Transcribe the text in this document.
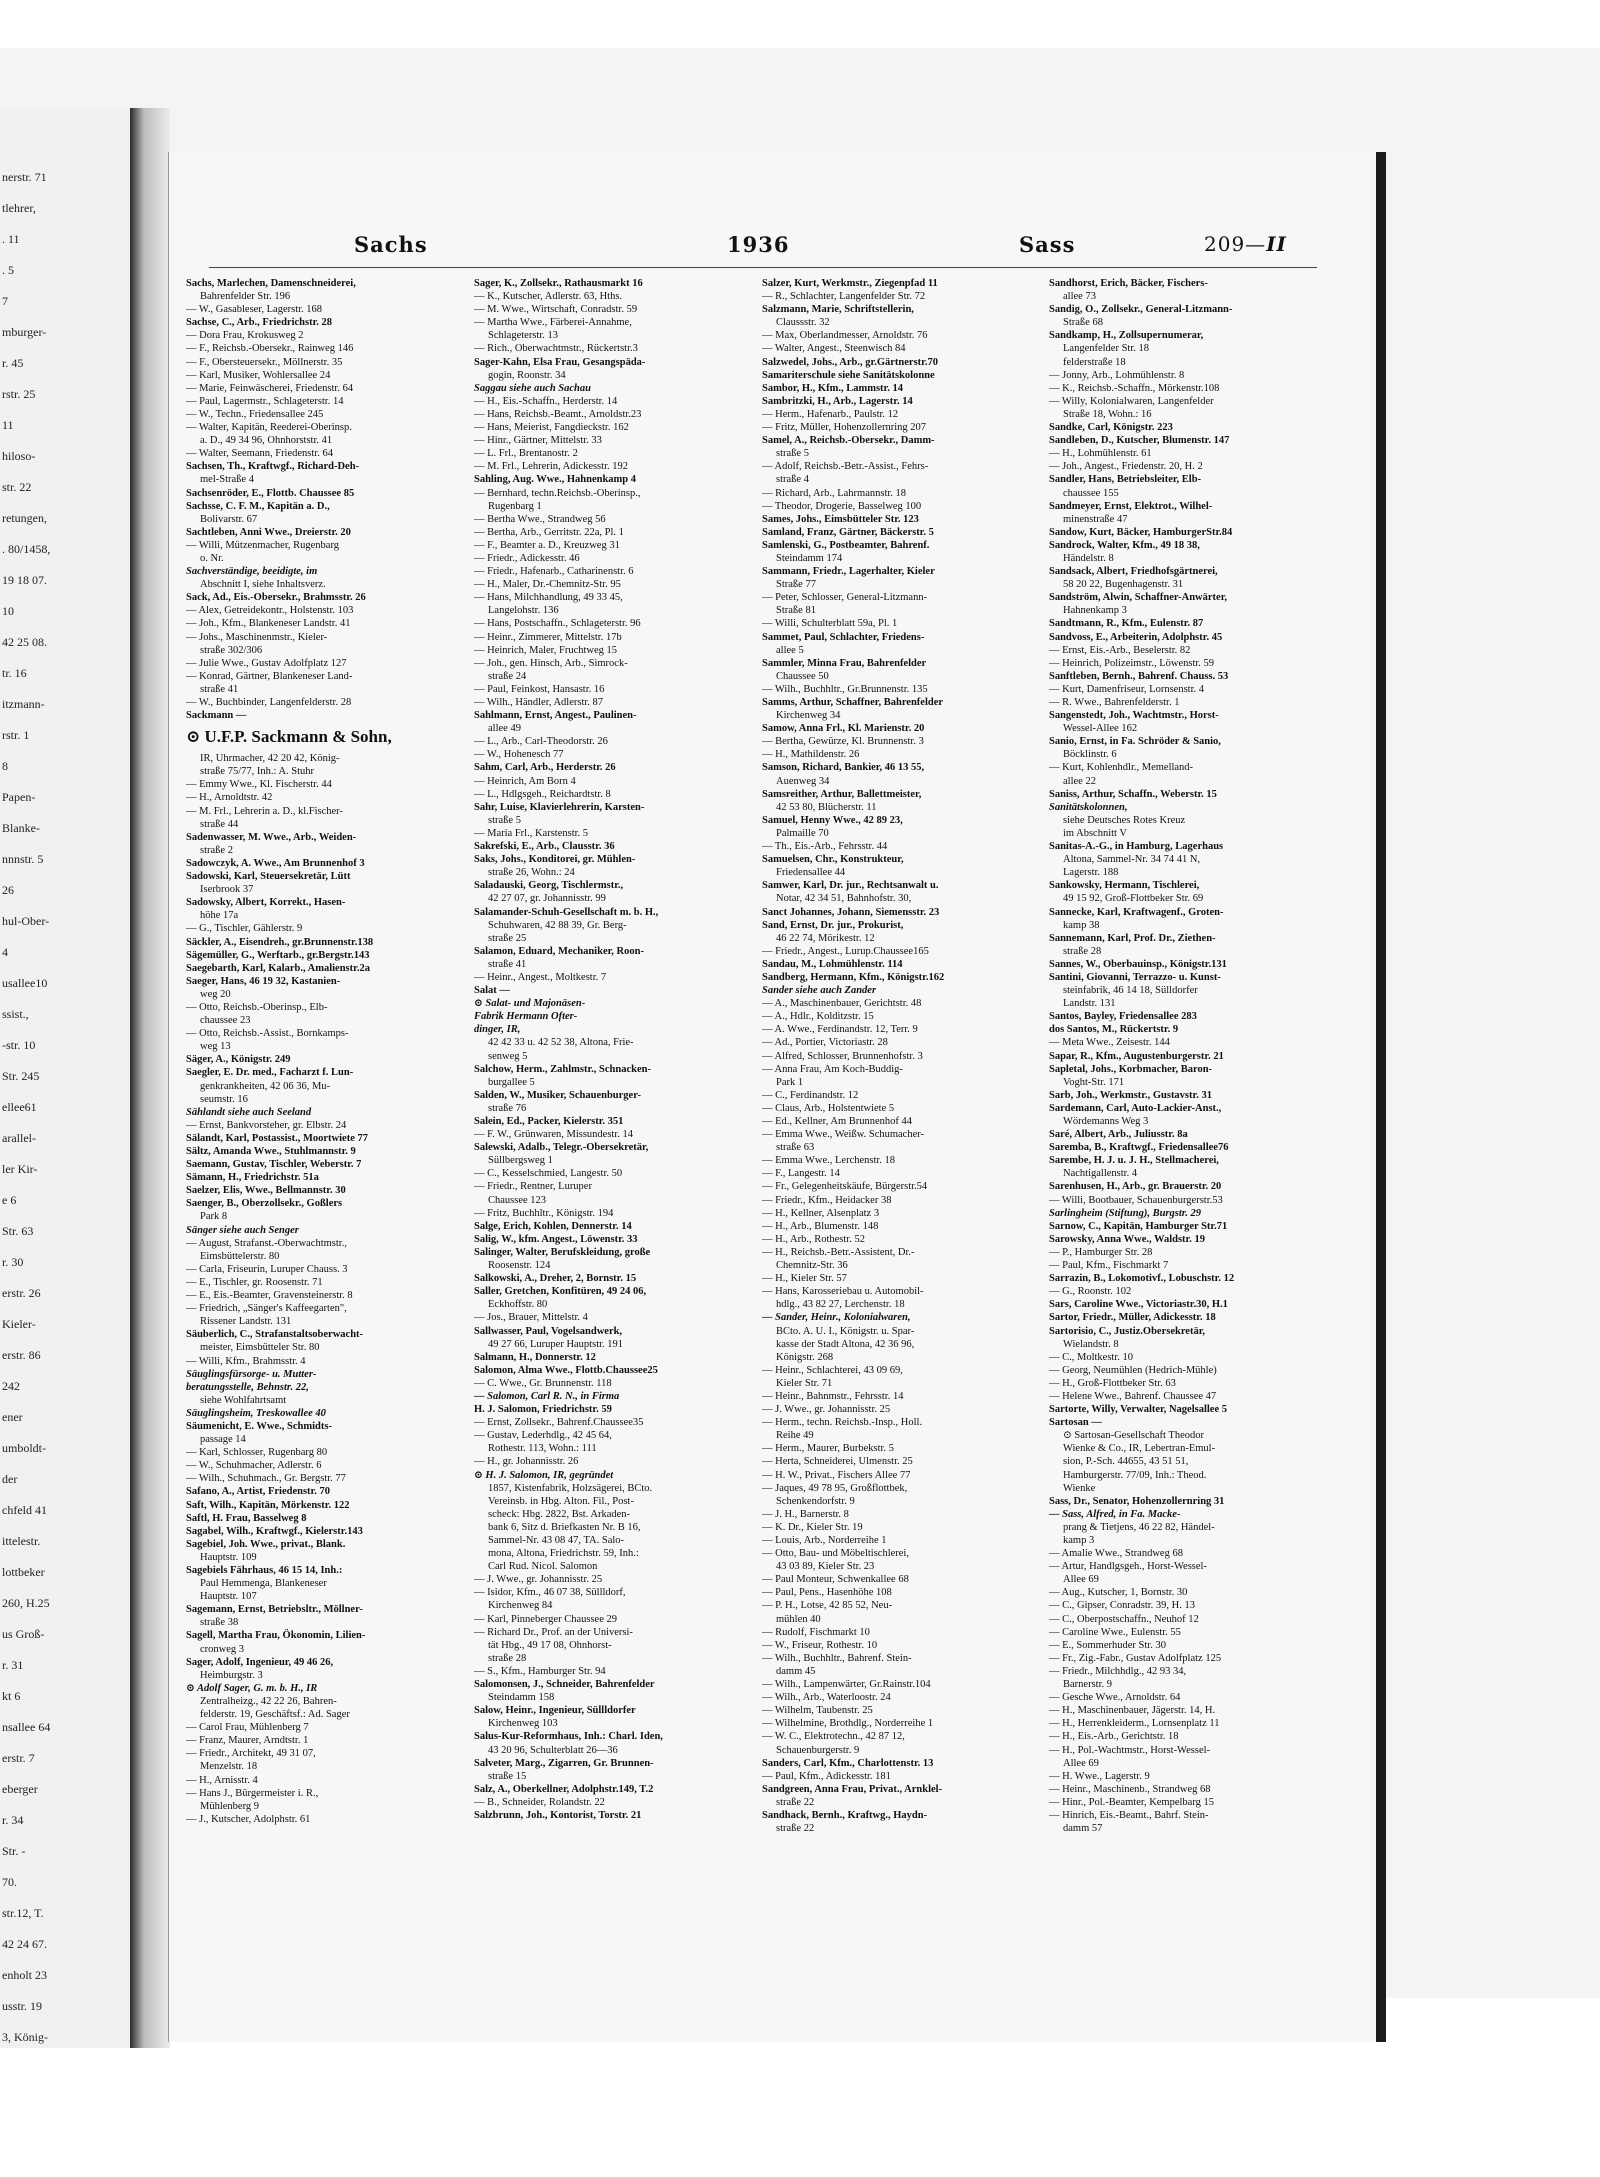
nerstr. 71
tlehrer,
. 11
. 5
7
mburger-
r. 45
rstr. 25
11
hiloso-
str. 22
retungen,
. 80/1458,
19 18 07.
10
42 25 08.
tr. 16
itzmann-
rstr. 1
8
Papen-
Blanke-
nnnstr. 5
26
hul-Ober-
4
usallee10
ssist.,
-str. 10
Str. 245
ellee61
arallel-
ler Kir-
e 6
Str. 63
r. 30
erstr. 26
Kieler-
erstr. 86
242
ener
umboldt-
der
chfeld 41
ittelestr.
lottbeker
260, H.25
us Groß-
r. 31
kt 6
nsallee 64
erstr. 7
eberger
r. 34
Str. -
70.
str.12, T.
42 24 67.
enholt 23
usstr. 19
3, König-
Sachs	1936	Sass	209—II
Sachs, Marlechen, Damenschneiderei,
Bahrenfelder Str. 196
— W., Gasableser, Lagerstr. 168
Sachse, C., Arb., Friedrichstr. 28
— Dora Frau, Krokusweg 2
— F., Reichsb.-Obersekr., Rainweg 146
— F., Obersteuersekr., Möllnerstr. 35
— Karl, Musiker, Wohlersallee 24
— Marie, Feinwäscherei, Friedenstr. 64
— Paul, Lagermstr., Schlageterstr. 14
— W., Techn., Friedensallee 245
— Walter, Kapitän, Reederei-Oberinsp.
a. D., 49 34 96, Ohnhorststr. 41
— Walter, Seemann, Friedenstr. 64
Sachsen, Th., Kraftwgf., Richard-Deh-
mel-Straße 4
Sachsenröder, E., Flottb. Chaussee 85
Sachsse, C. F. M., Kapitän a. D.,
Bolivarstr. 67
Sachtleben, Anni Wwe., Dreierstr. 20
— Willi, Mützenmacher, Rugenbarg
o. Nr.
Sachverständige, beeidigte, im
Abschnitt I, siehe Inhaltsverz.
Sack, Ad., Eis.-Obersekr., Brahmsstr. 26
— Alex, Getreidekontr., Holstenstr. 103
— Joh., Kfm., Blankeneser Landstr. 41
— Johs., Maschinenmstr., Kieler-
straße 302/306
— Julie Wwe., Gustav Adolfplatz 127
— Konrad, Gärtner, Blankeneser Land-
straße 41
— W., Buchbinder, Langenfelderstr. 28
Sackmann —
⊙ U.F.P. Sackmann & Sohn,
IR, Uhrmacher, 42 20 42, König-
straße 75/77, Inh.: A. Stuhr
— Emmy Wwe., Kl. Fischerstr. 44
— H., Arnoldtstr. 42
— M. Frl., Lehrerin a. D., kl.Fischer-
straße 44
Sadenwasser, M. Wwe., Arb., Weiden-
straße 2
Sadowczyk, A. Wwe., Am Brunnenhof 3
Sadowski, Karl, Steuersekretär, Lütt
Iserbrook 37
Sadowsky, Albert, Korrekt., Hasen-
höhe 17a
— G., Tischler, Gählerstr. 9
Säckler, A., Eisendreh., gr.Brunnenstr.138
Sägemüller, G., Werftarb., gr.Bergstr.143
Saegebarth, Karl, Kalarb., Amalienstr.2a
Saeger, Hans, 46 19 32, Kastanien-
weg 20
— Otto, Reichsb.-Oberinsp., Elb-
chaussee 23
— Otto, Reichsb.-Assist., Bornkamps-
weg 13
Säger, A., Königstr. 249
Saegler, E. Dr. med., Facharzt f. Lun-
genkrankheiten, 42 06 36, Mu-
seumstr. 16
Sählandt siehe auch Seeland
— Ernst, Bankvorsteher, gr. Elbstr. 24
Sälandt, Karl, Postassist., Moortwiete 77
Sältz, Amanda Wwe., Stuhlmannstr. 9
Saemann, Gustav, Tischler, Weberstr. 7
Sämann, H., Friedrichstr. 51a
Saelzer, Elis, Wwe., Bellmannstr. 30
Saenger, B., Oberzollsekr., Goßlers
Park 8
Sänger siehe auch Senger
— August, Strafanst.-Oberwachtmstr.,
Eimsbüttelerstr. 80
— Carla, Friseurin, Luruper Chauss. 3
— E., Tischler, gr. Roosenstr. 71
— E., Eis.-Beamter, Gravensteinerstr. 8
— Friedrich, „Sänger's Kaffeegarten",
Rissener Landstr. 131
Säuberlich, C., Strafanstaltsoberwacht-
meister, Eimsbütteler Str. 80
— Willi, Kfm., Brahmsstr. 4
Säuglingsfürsorge- u. Mutter-
beratungsstelle, Behnstr. 22,
siehe Wohlfahrtsamt
Säuglingsheim, Treskowallee 40
Säumenicht, E. Wwe., Schmidts-
passage 14
— Karl, Schlosser, Rugenbarg 80
— W., Schuhmacher, Adlerstr. 6
— Wilh., Schuhmach., Gr. Bergstr. 77
Safano, A., Artist, Friedenstr. 70
Saft, Wilh., Kapitän, Mörkenstr. 122
Saftl, H. Frau, Basselweg 8
Sagabel, Wilh., Kraftwgf., Kielerstr.143
Sagebiel, Joh. Wwe., privat., Blank.
Hauptstr. 109
Sagebiels Fährhaus, 46 15 14, Inh.:
Paul Hemmenga, Blankeneser
Hauptstr. 107
Sagemann, Ernst, Betriebsltr., Möllner-
straße 38
Sagell, Martha Frau, Ökonomin, Lilien-
cronweg 3
Sager, Adolf, Ingenieur, 49 46 26,
Heimburgstr. 3
⊙ Adolf Sager, G. m. b. H., IR
Zentralheizg., 42 22 26, Bahren-
felderstr. 19, Geschäftsf.: Ad. Sager
— Carol Frau, Mühlenberg 7
— Franz, Maurer, Arndtstr. 1
— Friedr., Architekt, 49 31 07,
Menzelstr. 18
— H., Arnisstr. 4
— Hans J., Bürgermeister i. R.,
Mühlenberg 9
— J., Kutscher, Adolphstr. 61
Sager, K., Zollsekr., Rathausmarkt 16
— K., Kutscher, Adlerstr. 63, Hths.
— M. Wwe., Wirtschaft, Conradstr. 59
— Martha Wwe., Färberei-Annahme,
Schlageterstr. 13
— Rich., Oberwachtmstr., Rückertstr.3
Sager-Kahn, Elsa Frau, Gesangspäda-
gogin, Roonstr. 34
Saggau siehe auch Sachau
— H., Eis.-Schaffn., Herderstr. 14
— Hans, Reichsb.-Beamt., Arnoldstr.23
— Hans, Meierist, Fangdieckstr. 162
— Hinr., Gärtner, Mittelstr. 33
— L. Frl., Brentanostr. 2
— M. Frl., Lehrerin, Adickesstr. 192
Sahling, Aug. Wwe., Hahnenkamp 4
— Bernhard, techn.Reichsb.-Oberinsp.,
Rugenbarg 1
— Bertha Wwe., Strandweg 56
— Bertha, Arb., Gerritstr. 22a, Pl. 1
— F., Beamter a. D., Kreuzweg 31
— Friedr., Adickesstr. 46
— Friedr., Hafenarb., Catharinenstr. 6
— H., Maler, Dr.-Chemnitz-Str. 95
— Hans, Milchhandlung, 49 33 45,
Langelohstr. 136
— Hans, Postschaffn., Schlageterstr. 96
— Heinr., Zimmerer, Mittelstr. 17b
— Heinrich, Maler, Fruchtweg 15
— Joh., gen. Hinsch, Arb., Simrock-
straße 24
— Paul, Feinkost, Hansastr. 16
— Wilh., Händler, Adlerstr. 87
Sahlmann, Ernst, Angest., Paulinen-
allee 49
— L., Arb., Carl-Theodorstr. 26
— W., Hohenesch 77
Sahm, Carl, Arb., Herderstr. 26
— Heinrich, Am Born 4
— L., Hdlgsgeh., Reichardtstr. 8
Sahr, Luise, Klavierlehrerin, Karsten-
straße 5
— Maria Frl., Karstenstr. 5
Sakrefski, E., Arb., Clausstr. 36
Saks, Johs., Konditorei, gr. Mühlen-
straße 26, Wohn.: 24
Saladauski, Georg, Tischlermstr.,
42 27 07, gr. Johannisstr. 99
Salamander-Schuh-Gesellschaft m. b. H.,
Schuhwaren, 42 88 39, Gr. Berg-
straße 25
Salamon, Eduard, Mechaniker, Roon-
straße 41
— Heinr., Angest., Moltkestr. 7
Salat —
⊙ Salat- und Majonäsen-
Fabrik Hermann Ofter-
dinger, IR,
42 42 33 u. 42 52 38, Altona, Frie-
senweg 5
Salchow, Herm., Zahlmstr., Schnacken-
burgallee 5
Salden, W., Musiker, Schauenburger-
straße 76
Salein, Ed., Packer, Kielerstr. 351
— F. W., Grünwaren, Missundestr. 14
Salewski, Adalb., Telegr.-Obersekretär,
Süllbergsweg 1
— C., Kesselschmied, Langestr. 50
— Friedr., Rentner, Luruper
Chaussee 123
— Fritz, Buchhltr., Königstr. 194
Salge, Erich, Kohlen, Dennerstr. 14
Salig, W., kfm. Angest., Löwenstr. 33
Salinger, Walter, Berufskleidung, große
Roosenstr. 124
Salkowski, A., Dreher, 2, Bornstr. 15
Saller, Gretchen, Konfitüren, 49 24 06,
Eckhoffstr. 80
— Jos., Brauer, Mittelstr. 4
Sallwasser, Paul, Vogelsandwerk,
49 27 66, Luruper Hauptstr. 191
Salmann, H., Donnerstr. 12
Salomon, Alma Wwe., Flottb.Chaussee25
— C. Wwe., Gr. Brunnenstr. 118
— Salomon, Carl R. N., in Firma
H. J. Salomon, Friedrichstr. 59
— Ernst, Zollsekr., Bahrenf.Chaussee35
— Gustav, Lederhdlg., 42 45 64,
Rothestr. 113, Wohn.: 111
— H., gr. Johannisstr. 26
⊙ H. J. Salomon, IR, gegründet
1857, Kistenfabrik, Holzsägerei, BCto.
Vereinsb. in Hbg. Alton. Fil., Post-
scheck: Hbg. 2822, Bst. Arkaden-
bank 6, Sitz d. Briefkasten Nr. B 16,
Sammel-Nr. 43 08 47, TA. Salo-
mona, Altona, Friedrichstr. 59, Inh.:
Carl Rud. Nicol. Salomon
— J. Wwe., gr. Johannisstr. 25
— Isidor, Kfm., 46 07 38, Süllldorf,
Kirchenweg 84
— Karl, Pinneberger Chaussee 29
— Richard Dr., Prof. an der Universi-
tät Hbg., 49 17 08, Ohnhorst-
straße 28
— S., Kfm., Hamburger Str. 94
Salomonsen, J., Schneider, Bahrenfelder
Steindamm 158
Salow, Heinr., Ingenieur, Süllldorfer
Kirchenweg 103
Salus-Kur-Reformhaus, Inh.: Charl. Iden,
43 20 96, Schulterblatt 26—36
Salveter, Marg., Zigarren, Gr. Brunnen-
straße 15
Salz, A., Oberkellner, Adolphstr.149, T.2
— B., Schneider, Rolandstr. 22
Salzbrunn, Joh., Kontorist, Torstr. 21
Salzer, Kurt, Werkmstr., Ziegenpfad 11
— R., Schlachter, Langenfelder Str. 72
Salzmann, Marie, Schriftstellerin,
Claussstr. 32
— Max, Oberlandmesser, Arnoldstr. 76
— Walter, Angest., Steenwisch 84
Salzwedel, Johs., Arb., gr.Gärtnerstr.70
Samariterschule siehe Sanitätskolonne
Sambor, H., Kfm., Lammstr. 14
Sambritzki, H., Arb., Lagerstr. 14
— Herm., Hafenarb., Paulstr. 12
— Fritz, Müller, Hohenzollernring 207
Samel, A., Reichsb.-Obersekr., Damm-
straße 5
— Adolf, Reichsb.-Betr.-Assist., Fehrs-
straße 4
— Richard, Arb., Lahrmannstr. 18
— Theodor, Drogerie, Basselweg 100
Sames, Johs., Eimsbütteler Str. 123
Samland, Franz, Gärtner, Bäckerstr. 5
Samlenski, G., Postbeamter, Bahrenf.
Steindamm 174
Sammann, Friedr., Lagerhalter, Kieler
Straße 77
— Peter, Schlosser, General-Litzmann-
Straße 81
— Willi, Schulterblatt 59a, Pl. 1
Sammet, Paul, Schlachter, Friedens-
allee 5
Sammler, Minna Frau, Bahrenfelder
Chaussee 50
— Wilh., Buchhltr., Gr.Brunnenstr. 135
Samms, Arthur, Schaffner, Bahrenfelder
Kirchenweg 34
Samow, Anna Frl., Kl. Marienstr. 20
— Bertha, Gewürze, Kl. Brunnenstr. 3
— H., Mathildenstr. 26
Samson, Richard, Bankier, 46 13 55,
Auenweg 34
Samsreither, Arthur, Ballettmeister,
42 53 80, Blücherstr. 11
Samuel, Henny Wwe., 42 89 23,
Palmaille 70
— Th., Eis.-Arb., Fehrsstr. 44
Samuelsen, Chr., Konstrukteur,
Friedensallee 44
Samwer, Karl, Dr. jur., Rechtsanwalt u.
Notar, 42 34 51, Bahnhofstr. 30,
Sanct Johannes, Johann, Siemensstr. 23
Sand, Ernst, Dr. jur., Prokurist,
46 22 74, Mörikestr. 12
— Friedr., Angest., Lurup.Chaussee165
Sandau, M., Lohmühlenstr. 114
Sandberg, Hermann, Kfm., Königstr.162
Sander siehe auch Zander
— A., Maschinenbauer, Gerichtstr. 48
— A., Hdlr., Kolditzstr. 15
— A. Wwe., Ferdinandstr. 12, Terr. 9
— Ad., Portier, Victoriastr. 28
— Alfred, Schlosser, Brunnenhofstr. 3
— Anna Frau, Am Koch-Buddig-
Park 1
— C., Ferdinandstr. 12
— Claus, Arb., Holstentwiete 5
— Ed., Kellner, Am Brunnenhof 44
— Emma Wwe., Weißw. Schumacher-
straße 63
— Emma Wwe., Lerchenstr. 18
— F., Langestr. 14
— Fr., Gelegenheitskäufe, Bürgerstr.54
— Friedr., Kfm., Heidacker 38
— H., Kellner, Alsenplatz 3
— H., Arb., Blumenstr. 148
— H., Arb., Rothestr. 52
— H., Reichsb.-Betr.-Assistent, Dr.-
Chemnitz-Str. 36
— H., Kieler Str. 57
— Hans, Karosseriebau u. Automobil-
hdlg., 43 82 27, Lerchenstr. 18
— Sander, Heinr., Kolonialwaren,
BCto. A. U. I., Königstr. u. Spar-
kasse der Stadt Altona, 42 36 96,
Königstr. 268
— Heinr., Schlachterei, 43 09 69,
Kieler Str. 71
— Heinr., Bahnmstr., Fehrsstr. 14
— J. Wwe., gr. Johannisstr. 25
— Herm., techn. Reichsb.-Insp., Holl.
Reihe 49
— Herm., Maurer, Burbekstr. 5
— Herta, Schneiderei, Ulmenstr. 25
— H. W., Privat., Fischers Allee 77
— Jaques, 49 78 95, Großflottbek,
Schenkendorfstr. 9
— J. H., Barnerstr. 8
— K. Dr., Kieler Str. 19
— Louis, Arb., Norderreihe 1
— Otto, Bau- und Möbeltischlerei,
43 03 89, Kieler Str. 23
— Paul Monteur, Schwenkallee 68
— Paul, Pens., Hasenhöhe 108
— P. H., Lotse, 42 85 52, Neu-
mühlen 40
— Rudolf, Fischmarkt 10
— W., Friseur, Rothestr. 10
— Wilh., Buchhltr., Bahrenf. Stein-
damm 45
— Wilh., Lampenwärter, Gr.Rainstr.104
— Wilh., Arb., Waterloostr. 24
— Wilhelm, Taubenstr. 25
— Wilhelmine, Brothdlg., Norderreihe 1
— W. C., Elektrotechn., 42 87 12,
Schauenburgerstr. 9
Sanders, Carl, Kfm., Charlottenstr. 13
— Paul, Kfm., Adickesstr. 181
Sandgreen, Anna Frau, Privat., Arnklel-
straße 22
Sandhack, Bernh., Kraftwg., Haydn-
straße 22
Sandhorst, Erich, Bäcker, Fischers-
allee 73
Sandig, O., Zollsekr., General-Litzmann-
Straße 68
Sandkamp, H., Zollsupernumerar,
Langenfelder Str. 18
felderstraße 18
— Jonny, Arb., Lohmühlenstr. 8
— K., Reichsb.-Schaffn., Mörkenstr.108
— Willy, Kolonialwaren, Langenfelder
Straße 18, Wohn.: 16
Sandke, Carl, Königstr. 223
Sandleben, D., Kutscher, Blumenstr. 147
— H., Lohmühlenstr. 61
— Joh., Angest., Friedenstr. 20, H. 2
Sandler, Hans, Betriebsleiter, Elb-
chaussee 155
Sandmeyer, Ernst, Elektrot., Wilhel-
minenstraße 47
Sandow, Kurt, Bäcker, HamburgerStr.84
Sandrock, Walter, Kfm., 49 18 38,
Händelstr. 8
Sandsack, Albert, Friedhofsgärtnerei,
58 20 22, Bugenhagenstr. 31
Sandström, Alwin, Schaffner-Anwärter,
Hahnenkamp 3
Sandtmann, R., Kfm., Eulenstr. 87
Sandvoss, E., Arbeiterin, Adolphstr. 45
— Ernst, Eis.-Arb., Beselerstr. 82
— Heinrich, Polizeimstr., Löwenstr. 59
Sanftleben, Bernh., Bahrenf. Chauss. 53
— Kurt, Damenfriseur, Lornsenstr. 4
— R. Wwe., Bahrenfelderstr. 1
Sangenstedt, Joh., Wachtmstr., Horst-
Wessel-Allee 162
Sanio, Ernst, in Fa. Schröder & Sanio,
Böcklinstr. 6
— Kurt, Kohlenhdlr., Memelland-
allee 22
Saniss, Arthur, Schaffn., Weberstr. 15
Sanitätskolonnen,
siehe Deutsches Rotes Kreuz
im Abschnitt V
Sanitas-A.-G., in Hamburg, Lagerhaus
Altona, Sammel-Nr. 34 74 41 N,
Lagerstr. 188
Sankowsky, Hermann, Tischlerei,
49 15 92, Groß-Flottbeker Str. 69
Sannecke, Karl, Kraftwagenf., Groten-
kamp 38
Sannemann, Karl, Prof. Dr., Ziethen-
straße 28
Sannes, W., Oberbauinsp., Königstr.131
Santini, Giovanni, Terrazzo- u. Kunst-
steinfabrik, 46 14 18, Sülldorfer
Landstr. 131
Santos, Bayley, Friedensallee 283
dos Santos, M., Rückertstr. 9
— Meta Wwe., Zeisestr. 144
Sapar, R., Kfm., Augustenburgerstr. 21
Sapletal, Johs., Korbmacher, Baron-
Voght-Str. 171
Sarb, Joh., Werkmstr., Gustavstr. 31
Sardemann, Carl, Auto-Lackier-Anst.,
Wördemanns Weg 3
Saré, Albert, Arb., Juliusstr. 8a
Saremba, B., Kraftwgf., Friedensallee76
Sarembe, H. J. u. J. H., Stellmacherei,
Nachtigallenstr. 4
Sarenhusen, H., Arb., gr. Brauerstr. 20
— Willi, Bootbauer, Schauenburgerstr.53
Sarlingheim (Stiftung), Burgstr. 29
Sarnow, C., Kapitän, Hamburger Str.71
Sarowsky, Anna Wwe., Waldstr. 19
— P., Hamburger Str. 28
— Paul, Kfm., Fischmarkt 7
Sarrazin, B., Lokomotivf., Lobuschstr. 12
— G., Roonstr. 102
Sars, Caroline Wwe., Victoriastr.30, H.1
Sartor, Friedr., Müller, Adickesstr. 18
Sartorisio, C., Justiz.Obersekretär,
Wielandstr. 8
— C., Moltkestr. 10
— Georg, Neumühlen (Hedrich-Mühle)
— H., Groß-Flottbeker Str. 63
— Helene Wwe., Bahrenf. Chaussee 47
Sartorte, Willy, Verwalter, Nagelsallee 5
Sartosan —
⊙ Sartosan-Gesellschaft Theodor
Wienke & Co., IR, Lebertran-Emul-
sion, P.-Sch. 44655, 43 51 51,
Hamburgerstr. 77/09, Inh.: Theod.
Wienke
Sass, Dr., Senator, Hohenzollernring 31
— Sass, Alfred, in Fa. Macke-
prang & Tietjens, 46 22 82, Händel-
kamp 3
— Amalie Wwe., Strandweg 68
— Artur, Handlgsgeh., Horst-Wessel-
Allee 69
— Aug., Kutscher, 1, Bornstr. 30
— C., Gipser, Conradstr. 39, H. 13
— C., Oberpostschaffn., Neuhof 12
— Caroline Wwe., Eulenstr. 55
— E., Sommerhuder Str. 30
— Fr., Zig.-Fabr., Gustav Adolfplatz 125
— Friedr., Milchhdlg., 42 93 34,
Barnerstr. 9
— Gesche Wwe., Arnoldstr. 64
— H., Maschinenbauer, Jägerstr. 14, H.
— H., Herrenkleiderm., Lornsenplatz 11
— H., Eis.-Arb., Gerichtstr. 18
— H., Pol.-Wachtmstr., Horst-Wessel-
Allee 69
— H. Wwe., Lagerstr. 9
— Heinr., Maschinenb., Strandweg 68
— Hinr., Pol.-Beamter, Kempelbarg 15
— Hinrich, Eis.-Beamt., Bahrf. Stein-
damm 57
